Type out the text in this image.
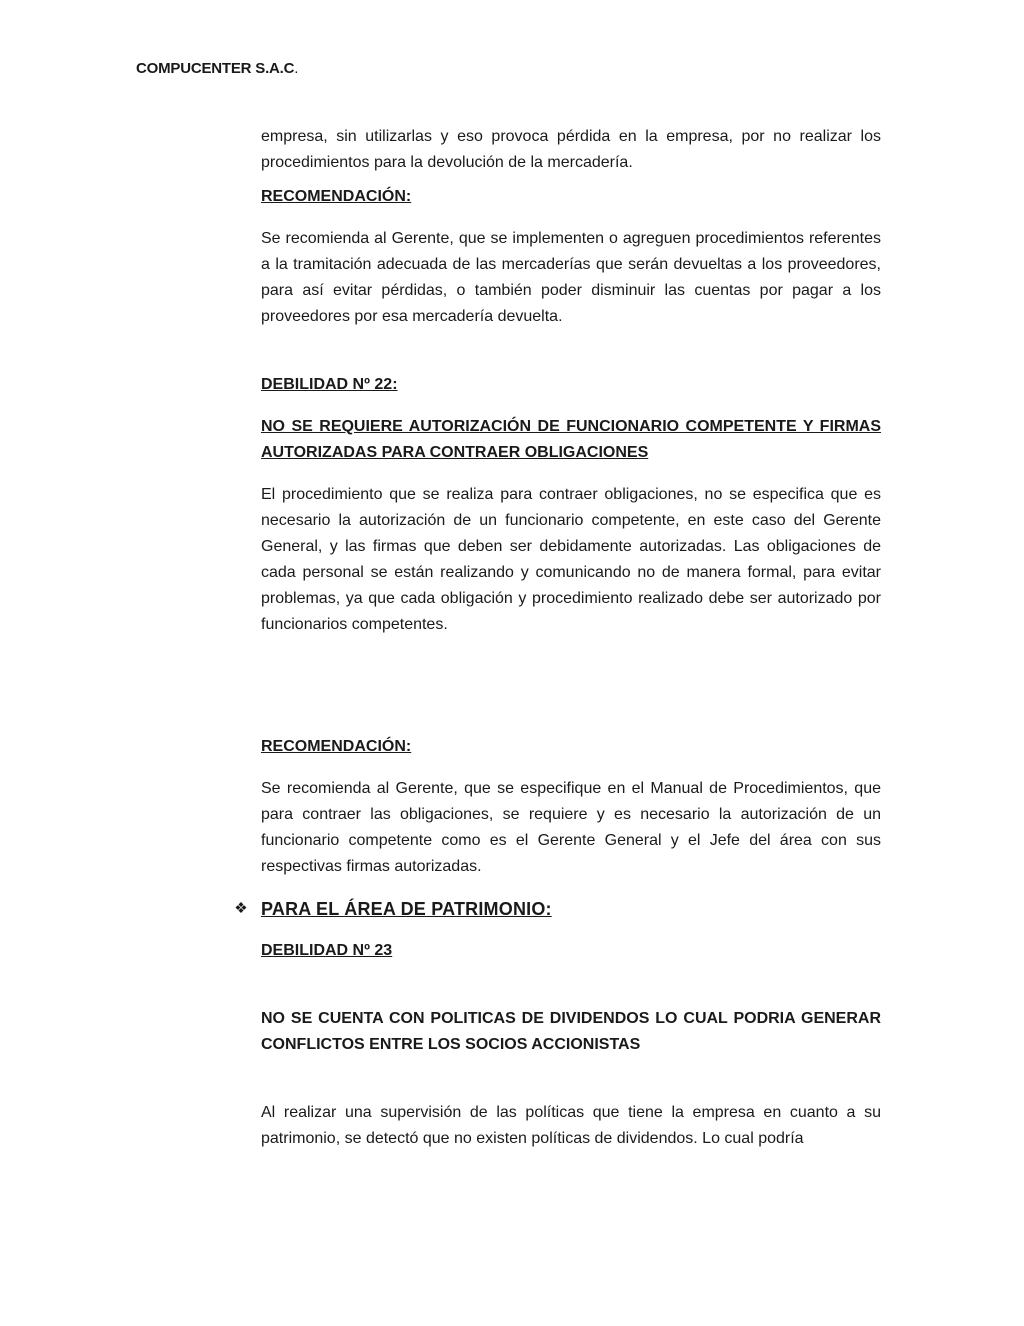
COMPUCENTER S.A.C.

empresa, sin utilizarlas y eso provoca pérdida en la empresa, por no realizar los procedimientos para la devolución de la mercadería.

RECOMENDACIÓN:

Se recomienda al Gerente, que se implementen o agreguen procedimientos referentes a la tramitación adecuada de las mercaderías que serán devueltas a los proveedores, para así evitar pérdidas, o también poder disminuir las cuentas por pagar a los proveedores por esa mercadería devuelta.

DEBILIDAD Nº 22:
NO SE REQUIERE AUTORIZACIÓN DE FUNCIONARIO COMPETENTE Y FIRMAS AUTORIZADAS PARA CONTRAER OBLIGACIONES

El procedimiento que se realiza para contraer obligaciones, no se especifica que es necesario la autorización de un funcionario competente, en este caso del Gerente General, y las firmas que deben ser debidamente autorizadas. Las obligaciones de cada personal se están realizando y comunicando no de manera formal, para evitar problemas, ya que cada obligación y procedimiento realizado debe ser autorizado por funcionarios competentes.

RECOMENDACIÓN:

Se recomienda al Gerente, que se especifique en el Manual de Procedimientos, que para contraer las obligaciones, se requiere y es necesario la autorización de un funcionario competente como es el Gerente General y el Jefe del área con sus respectivas firmas autorizadas.

❖ PARA EL ÁREA DE PATRIMONIO:
DEBILIDAD Nº 23
NO SE CUENTA CON POLITICAS DE DIVIDENDOS LO CUAL PODRIA GENERAR CONFLICTOS ENTRE LOS SOCIOS ACCIONISTAS

Al realizar una supervisión de las políticas que tiene la empresa en cuanto a su patrimonio, se detectó que no existen políticas de dividendos. Lo cual podría
